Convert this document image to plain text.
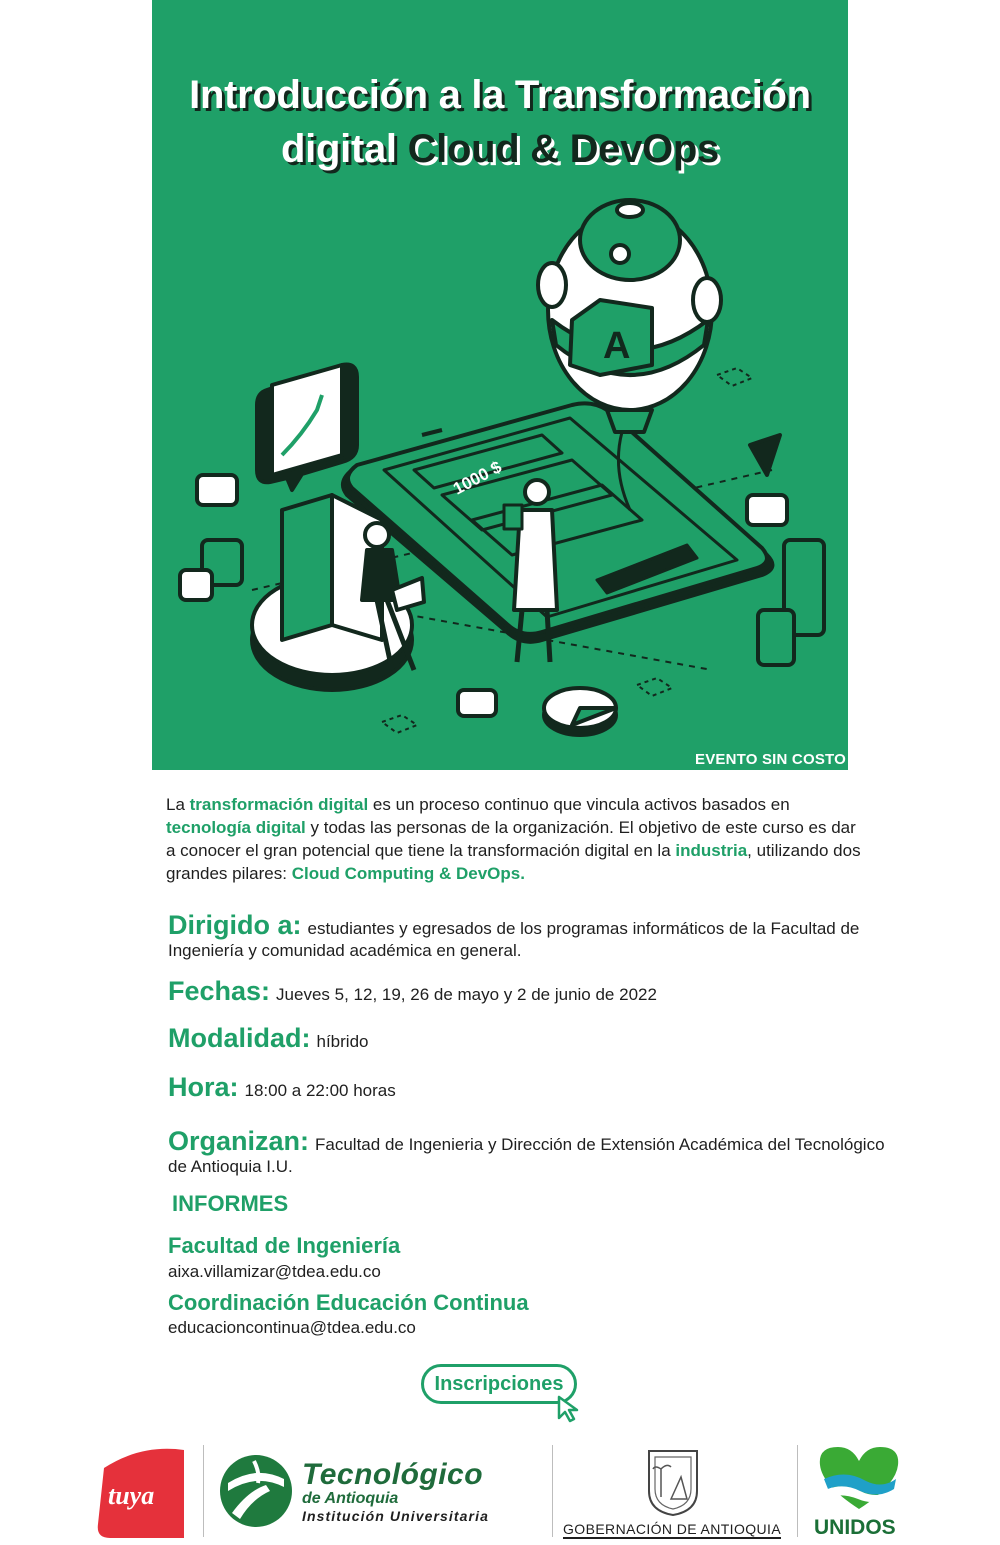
Introducción a la Transformación
digital Cloud & DevOps
1000 $
A
EVENTO SIN COSTO

La transformación digital es un proceso continuo que vincula activos basados en tecnología digital y todas las personas de la organización. El objetivo de este curso es dar a conocer el gran potencial que tiene la transformación digital en la industria, utilizando dos grandes pilares: Cloud Computing & DevOps.

Dirigido a: estudiantes y egresados de los programas informáticos de la Facultad de Ingeniería y comunidad académica en general.
Fechas: Jueves 5, 12, 19, 26 de mayo y 2 de junio de 2022
Modalidad: híbrido
Hora: 18:00 a 22:00 horas
Organizan: Facultad de Ingenieria y Dirección de Extensión Académica del Tecnológico de Antioquia I.U.
INFORMES
Facultad de Ingeniería
aixa.villamizar@tdea.edu.co
Coordinación Educación Continua
educacioncontinua@tdea.edu.co
Inscripciones
tuya
Tecnológico
de Antioquia
Institución Universitaria
GOBERNACIÓN DE ANTIOQUIA UNIDOS
